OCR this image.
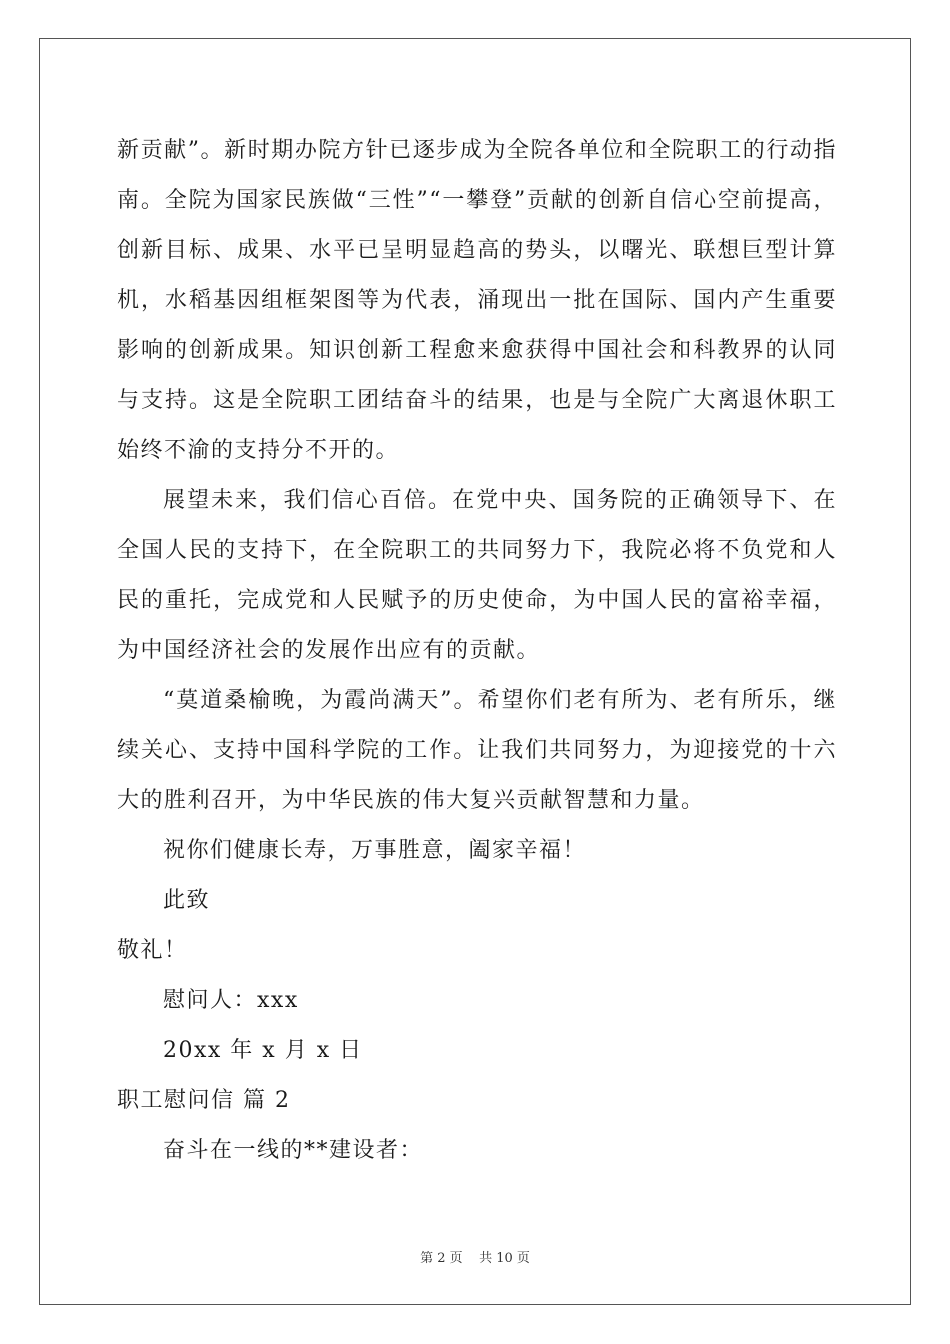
新贡献”。新时期办院方针已逐步成为全院各单位和全院职工的行动指南。全院为国家民族做“三性”“一攀登”贡献的创新自信心空前提高，创新目标、成果、水平已呈明显趋高的势头，以曙光、联想巨型计算机，水稻基因组框架图等为代表，涌现出一批在国际、国内产生重要影响的创新成果。知识创新工程愈来愈获得中国社会和科教界的认同与支持。这是全院职工团结奋斗的结果，也是与全院广大离退休职工始终不渝的支持分不开的。

展望未来，我们信心百倍。在党中央、国务院的正确领导下、在全国人民的支持下，在全院职工的共同努力下，我院必将不负党和人民的重托，完成党和人民赋予的历史使命，为中国人民的富裕幸福，为中国经济社会的发展作出应有的贡献。

“莫道桑榆晚，为霞尚满天”。希望你们老有所为、老有所乐，继续关心、支持中国科学院的工作。让我们共同努力，为迎接党的十六大的胜利召开，为中华民族的伟大复兴贡献智慧和力量。

祝你们健康长寿，万事胜意，阖家辛福！

此致

敬礼！

慰问人：xxx

20xx 年 x 月 x 日

职工慰问信 篇 2

奋斗在一线的**建设者：

第 2 页    共 10 页
